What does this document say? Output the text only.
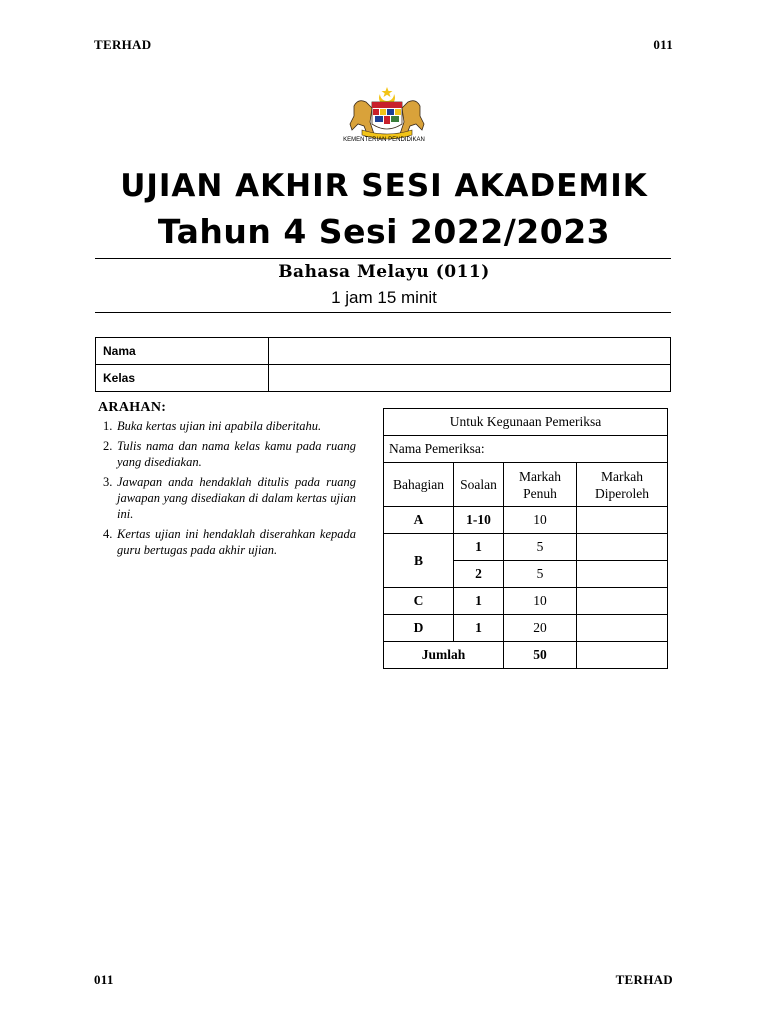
TERHAD	011
KEMENTERIAN PENDIDIKAN
UJIAN AKHIR SESI AKADEMIK
Tahun 4 Sesi 2022/2023
Bahasa Melayu (011)
1 jam 15 minit
Nama	
Kelas	
ARAHAN:
1. Buka kertas ujian ini apabila diberitahu.
2. Tulis nama dan nama kelas kamu pada ruang yang disediakan.
3. Jawapan anda hendaklah ditulis pada ruang jawapan yang disediakan di dalam kertas ujian ini.
4. Kertas ujian ini hendaklah diserahkan kepada guru bertugas pada akhir ujian.
Untuk Kegunaan Pemeriksa			
Nama Pemeriksa:			
Bahagian	Soalan	Markah Penuh	Markah Diperoleh
A	1-10	10	
B	1	5	
	2	5	
C	1	10	
D	1	20	
Jumlah		50	
011	TERHAD
